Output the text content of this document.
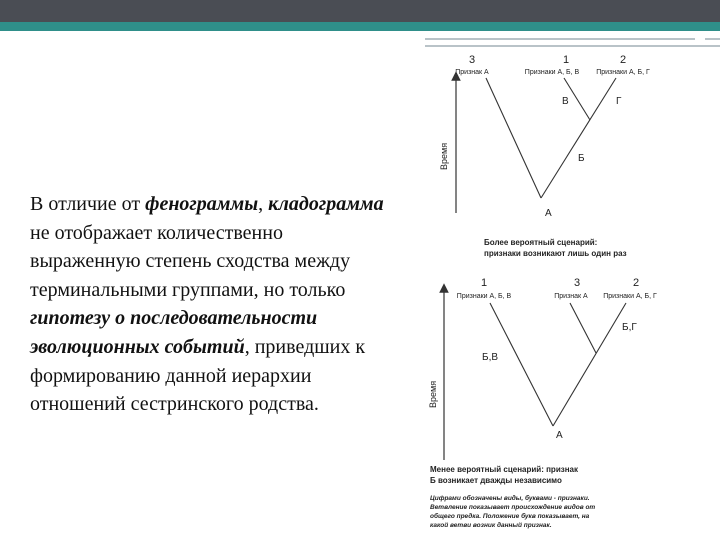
В отличие от фенограммы, кладограмма не отображает количественно выраженную степень сходства между терминальными группами, но только гипотезу о последовательности эволюционных событий, приведших к формированию данной иерархии отношений сестринского родства.
Время
3	1	2
Признак А	Признаки А, Б, В Признаки А, Б, Г
В	Г
Б
А
Более вероятный сценарий:
признаки возникают лишь один раз
Время
1	3	2
Признаки А, Б, В	Признак А Признаки А, Б, Г
Б,В
Б,Г
А
Менее вероятный сценарий: признак
Б возникает дважды независимо
Цифрами обозначены виды, буквами - признаки.
Ветвление показывает происхождение видов от
общего предка. Положение букв показывает, на
какой ветви возник данный признак.
